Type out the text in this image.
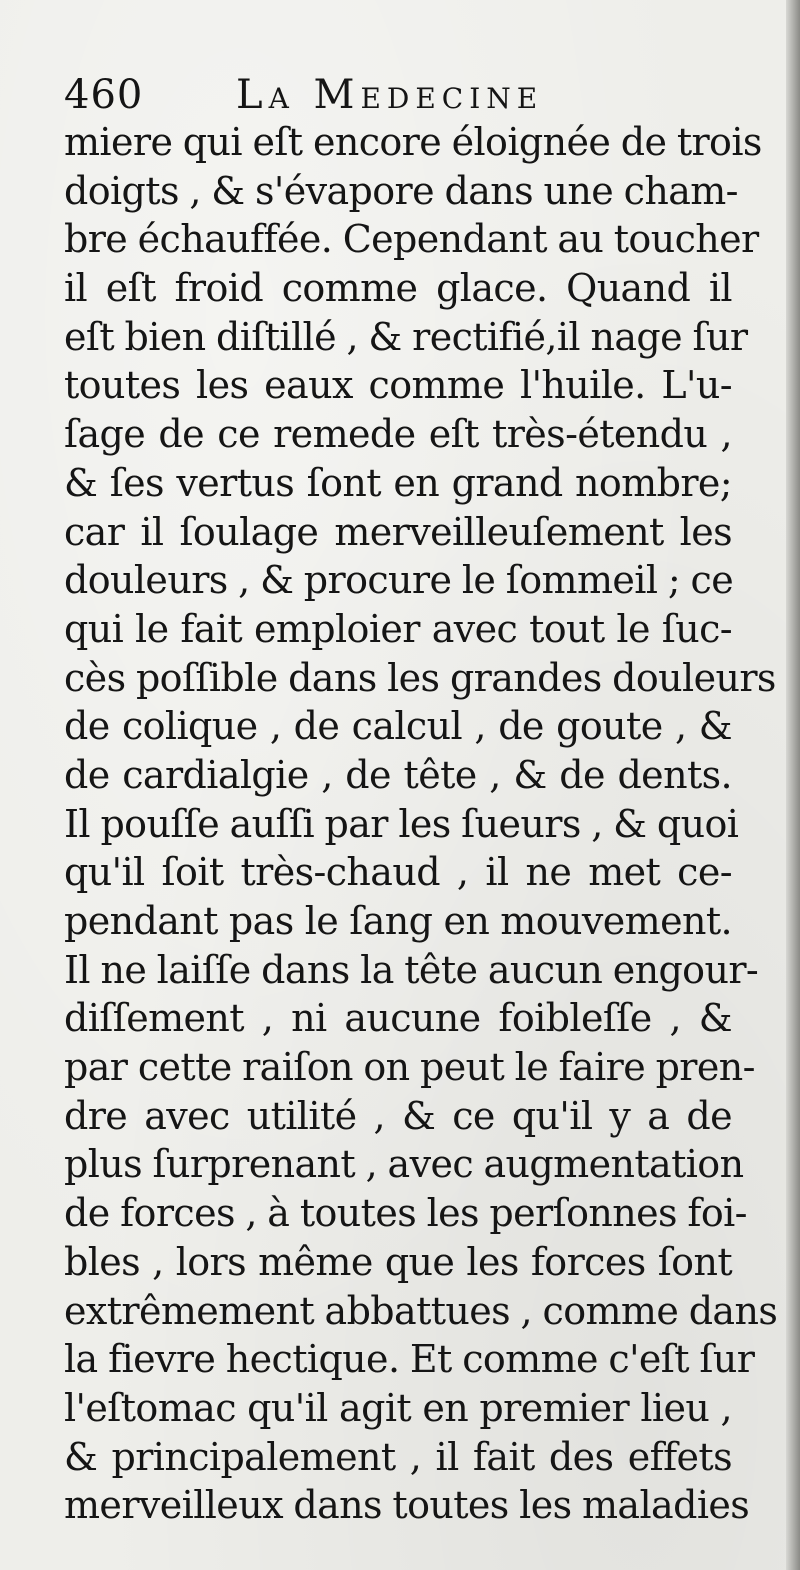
460 La Medecine
miere qui eſt encore éloignée de trois
doigts , & s'évapore dans une cham-
bre échauffée. Cependant au toucher
il eſt froid comme glace. Quand il
eſt bien diſtillé , & rectifié,il nage ſur
toutes les eaux comme l'huile. L'u-
ſage de ce remede eſt très-étendu ,
& ſes vertus ſont en grand nombre;
car il ſoulage merveilleuſement les
douleurs , & procure le ſommeil ; ce
qui le fait emploier avec tout le ſuc-
cès poſſible dans les grandes douleurs
de colique , de calcul , de goute , &
de cardialgie , de tête , & de dents.
Il pouſſe auſſi par les ſueurs , & quoi
qu'il ſoit très-chaud , il ne met ce-
pendant pas le ſang en mouvement.
Il ne laiſſe dans la tête aucun engour-
diſſement , ni aucune foibleſſe , &
par cette raiſon on peut le faire pren-
dre avec utilité , & ce qu'il y a de
plus ſurprenant , avec augmentation
de forces , à toutes les perſonnes foi-
bles , lors même que les forces ſont
extrêmement abbattues , comme dans
la fievre hectique. Et comme c'eſt ſur
l'eſtomac qu'il agit en premier lieu ,
& principalement , il fait des effets
merveilleux dans toutes les maladies
